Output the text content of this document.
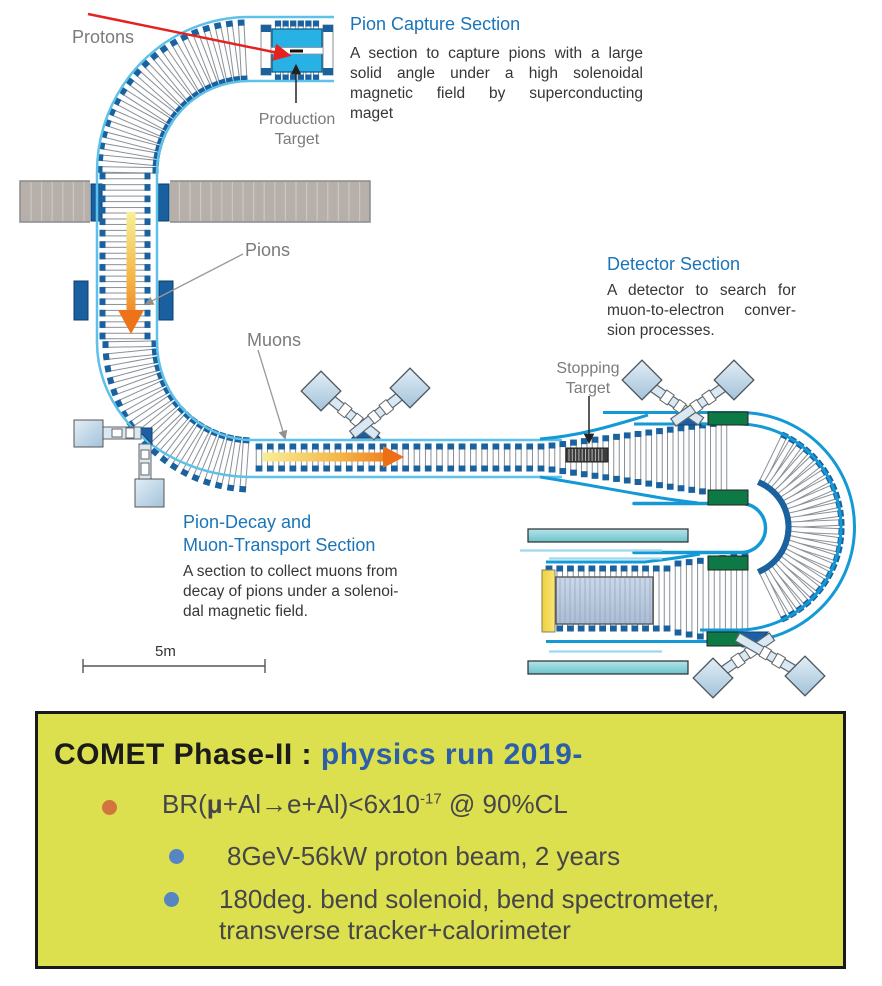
Protons
Pions
Muons
Production
Target
Stopping
Target
Pion Capture Section
A section to capture pions with a large
solid angle under a high solenoidal
magnetic field by superconducting
maget
Detector Section
A detector to search for
muon-to-electron conver-
sion processes.
Pion-Decay and
Muon-Transport Section
A section to collect muons from
decay of pions under a solenoi-
dal magnetic field.
5m
COMET Phase-II : physics run 2019-
$BR(\mu+Al\to e+Al)<6x10^{-17}$ @ 90%CL
8GeV-56kW proton beam, 2 years
180deg. bend solenoid, bend spectrometer,
transverse tracker+calorimeter
